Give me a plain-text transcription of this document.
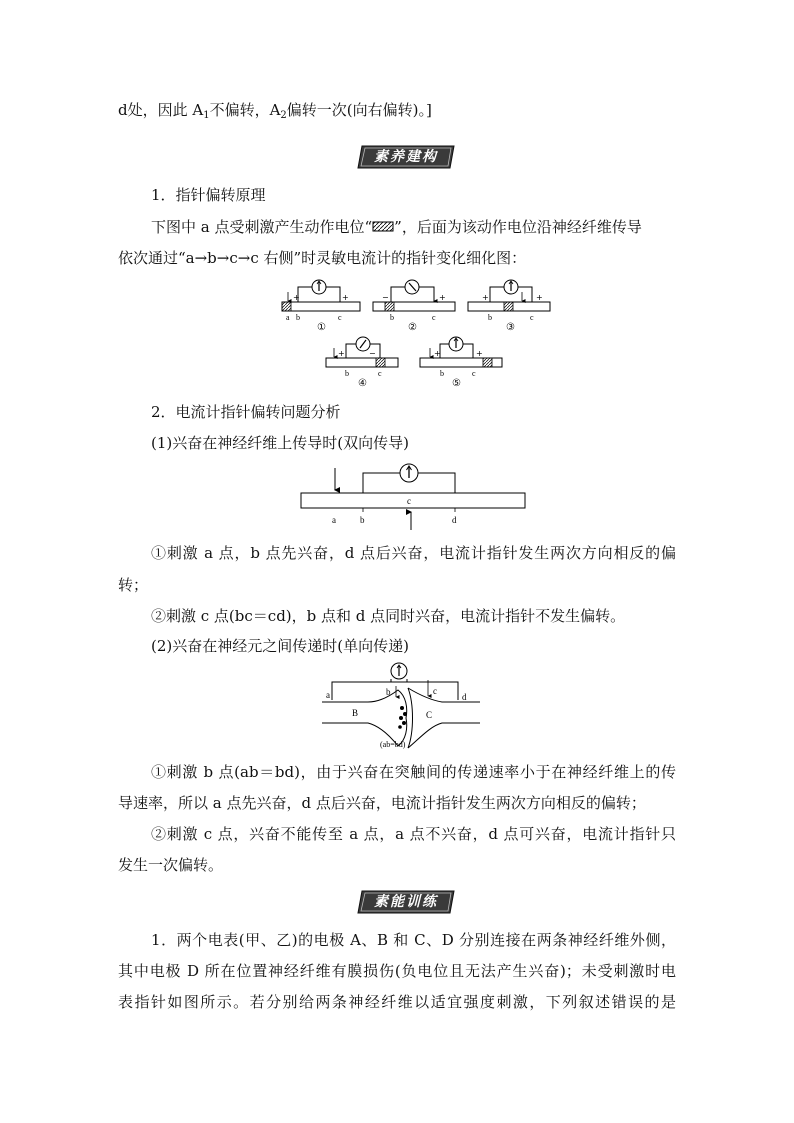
d处，因此 $A_1$不偏转，$A_2$偏转一次(向右偏转)。]
素养建构
1．指针偏转原理
下图中 a 点受刺激产生动作电位“ ”，后面为该动作电位沿神经纤维传导
依次通过“a→b→c→c 右侧”时灵敏电流计的指针变化细化图：
+	+
a b	c
①
−	+
b	c
②
+	+
b	c
③
+	−
b	c
④
+	+
b	c
⑤
2．电流计指针偏转问题分析
(1)兴奋在神经纤维上传导时(双向传导)
c
a	b	d
①刺激 a 点，b 点先兴奋，d 点后兴奋，电流计指针发生两次方向相反的偏
转；
②刺激 c 点(bc＝cd)，b 点和 d 点同时兴奋，电流计指针不发生偏转。
(2)兴奋在神经元之间传递时(单向传递)
a	b	c
d
B	C
(ab=bd)
①刺激 b 点(ab＝bd)，由于兴奋在突触间的传递速率小于在神经纤维上的传
导速率，所以 a 点先兴奋，d 点后兴奋，电流计指针发生两次方向相反的偏转；
②刺激 c 点，兴奋不能传至 a 点，a 点不兴奋，d 点可兴奋，电流计指针只
发生一次偏转。
素能训练
1．两个电表(甲、乙)的电极 A、B 和 C、D 分别连接在两条神经纤维外侧，
其中电极 D 所在位置神经纤维有膜损伤(负电位且无法产生兴奋)；未受刺激时电
表指针如图所示。若分别给两条神经纤维以适宜强度刺激，下列叙述错误的是
